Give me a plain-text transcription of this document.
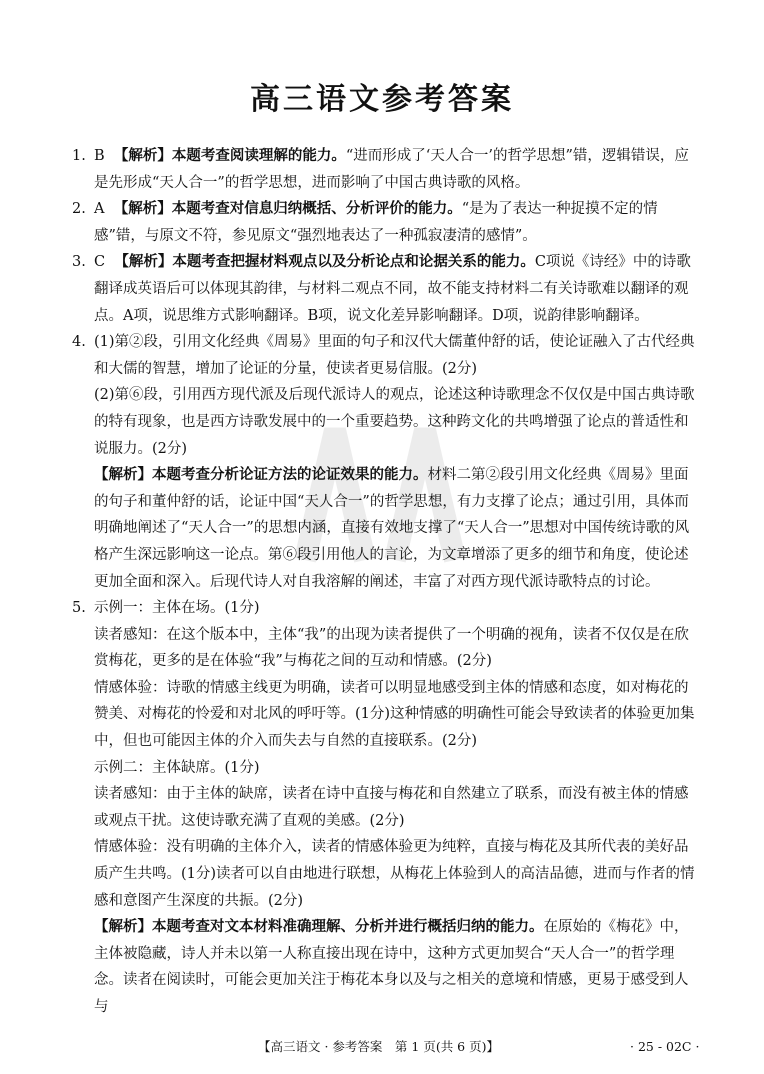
高三语文参考答案

1. B 【解析】本题考查阅读理解的能力。“进而形成了‘天人合一’的哲学思想”错，逻辑错误，应是先形成“天人合一”的哲学思想，进而影响了中国古典诗歌的风格。

2. A 【解析】本题考查对信息归纳概括、分析评价的能力。“是为了表达一种捉摸不定的情感”错，与原文不符，参见原文“强烈地表达了一种孤寂凄清的感情”。

3. C 【解析】本题考查把握材料观点以及分析论点和论据关系的能力。C项说《诗经》中的诗歌翻译成英语后可以体现其韵律，与材料二观点不同，故不能支持材料二有关诗歌难以翻译的观点。A项，说思维方式影响翻译。B项，说文化差异影响翻译。D项，说韵律影响翻译。

4. (1)第②段，引用文化经典《周易》里面的句子和汉代大儒董仲舒的话，使论证融入了古代经典和大儒的智慧，增加了论证的分量，使读者更易信服。(2分)

(2)第⑥段，引用西方现代派及后现代派诗人的观点，论述这种诗歌理念不仅仅是中国古典诗歌的特有现象，也是西方诗歌发展中的一个重要趋势。这种跨文化的共鸣增强了论点的普适性和说服力。(2分)

【解析】本题考查分析论证方法的论证效果的能力。材料二第②段引用文化经典《周易》里面的句子和董仲舒的话，论证中国“天人合一”的哲学思想，有力支撑了论点；通过引用，具体而明确地阐述了“天人合一”的思想内涵，直接有效地支撑了“天人合一”思想对中国传统诗歌的风格产生深远影响这一论点。第⑥段引用他人的言论，为文章增添了更多的细节和角度，使论述更加全面和深入。后现代诗人对自我溶解的阐述，丰富了对西方现代派诗歌特点的讨论。

5. 示例一：主体在场。(1分)

读者感知：在这个版本中，主体“我”的出现为读者提供了一个明确的视角，读者不仅仅是在欣赏梅花，更多的是在体验“我”与梅花之间的互动和情感。(2分)

情感体验：诗歌的情感主线更为明确，读者可以明显地感受到主体的情感和态度，如对梅花的赞美、对梅花的怜爱和对北风的呼吁等。(1分)这种情感的明确性可能会导致读者的体验更加集中，但也可能因主体的介入而失去与自然的直接联系。(2分)

示例二：主体缺席。(1分)

读者感知：由于主体的缺席，读者在诗中直接与梅花和自然建立了联系，而没有被主体的情感或观点干扰。这使诗歌充满了直观的美感。(2分)

情感体验：没有明确的主体介入，读者的情感体验更为纯粹，直接与梅花及其所代表的美好品质产生共鸣。(1分)读者可以自由地进行联想，从梅花上体验到人的高洁品德，进而与作者的情感和意图产生深度的共振。(2分)

【解析】本题考查对文本材料准确理解、分析并进行概括归纳的能力。在原始的《梅花》中，主体被隐藏，诗人并未以第一人称直接出现在诗中，这种方式更加契合“天人合一”的哲学理念。读者在阅读时，可能会更加关注于梅花本身以及与之相关的意境和情感，更易于感受到人与

【高三语文 · 参考答案　第 1 页(共 6 页)】	· 25 - 02C ·
